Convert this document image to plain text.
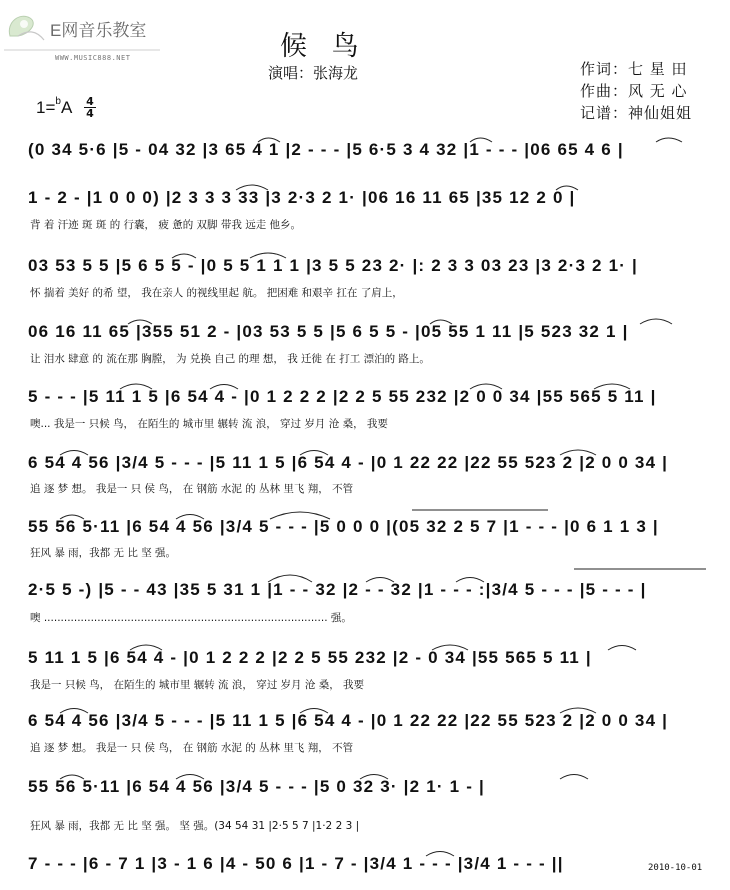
E网音乐教室
WWW.MUSIC888.NET	候 鸟
演唱：张海龙	作词：七 星 田
作曲：风 无 心
记谱：神仙姐姐
1=$^b$A 4
4
(0 34 5·6 |5 - 04 32 |3 65 4 1 |2 - - - |5 6·5 3 4 32 |1 - - - |06 65 4 6 |
1 - 2 - |1 0 0 0) |2 3 3 3 33 |3 2·3 2 1· |06 16 11 65 |35 12 2 0 |
背 着 汗迹 斑 斑 的 行囊， 疲 惫的 双脚 带我 远走 他乡。
03 53 5 5 |5 6 5 5 - |0 5 5 1 1 1 |3 5 5 23 2· |: 2 3 3 03 23 |3 2·3 2 1· |
怀 揣着 美好 的希 望， 我在亲人 的视线里起 航。 把困难 和艰辛 扛在 了肩上，
06 16 11 65 |355 51 2 - |03 53 5 5 |5 6 5 5 - |05 55 1 11 |5 523 32 1 |
让 泪水 肆意 的 流在那 胸膛， 为 兑换 自己 的理 想， 我 迁徙 在 打工 漂泊的 路上。
5 - - - |5 11 1 5 |6 54 4 - |0 1 2 2 2 |2 2 5 55 232 |2 0 0 34 |55 565 5 11 |
噢... 我是一 只候 鸟， 在陌生的 城市里 辗转 流 浪， 穿过 岁月 沧 桑， 我要
6 54 4 56 |3/4 5 - - - |5 11 1 5 |6 54 4 - |0 1 22 22 |22 55 523 2 |2 0 0 34 |
追 逐 梦 想。 我是一 只 侯 鸟， 在 钢筋 水泥 的 丛林 里飞 翔， 不管
55 56 5·11 |6 54 4 56 |3/4 5 - - - |5 0 0 0 |(05 32 2 5 7 |1 - - - |0 6 1 1 3 |
狂风 暴 雨，我都 无 比 坚 强。
2·5 5 -) |5 - - 43 |35 5 31 1 |1 - - 32 |2 - - 32 |1 - - - :|3/4 5 - - - |5 - - - |
噢 ..................................................................................... 强。
5 11 1 5 |6 54 4 - |0 1 2 2 2 |2 2 5 55 232 |2 - 0 34 |55 565 5 11 |
我是一 只候 鸟， 在陌生的 城市里 辗转 流 浪， 穿过 岁月 沧 桑， 我要
6 54 4 56 |3/4 5 - - - |5 11 1 5 |6 54 4 - |0 1 22 22 |22 55 523 2 |2 0 0 34 |
追 逐 梦 想。 我是一 只 侯 鸟， 在 钢筋 水泥 的 丛林 里飞 翔， 不管
55 56 5·11 |6 54 4 56 |3/4 5 - - - |5 0 32 3· |2 1· 1 - |
狂风 暴 雨，我都 无 比 坚 强。 坚 强。(34 54 31 |2·5 5 7 |1·2 2 3 |
7 - - - |6 - 7 1 |3 - 1 6 |4 - 50 6 |1 - 7 - |3/4 1 - - - |3/4 1 - - - ||	2010-10-01
